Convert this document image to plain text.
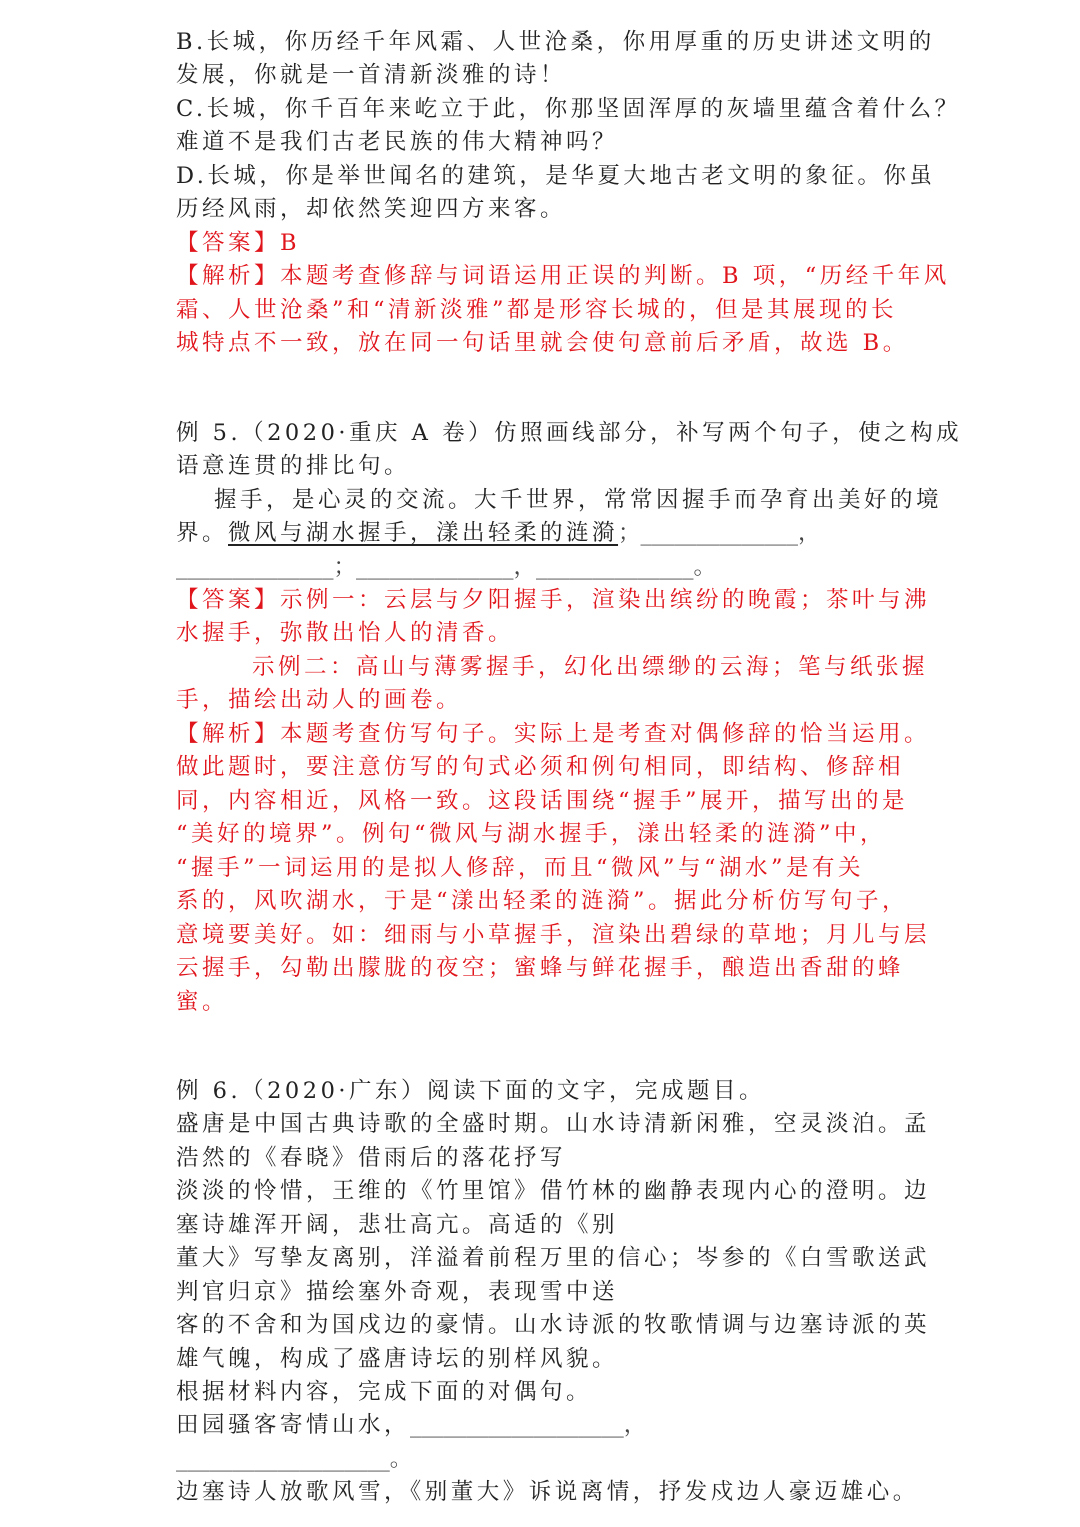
B.长城，你历经千年风霜、人世沧桑，你用厚重的历史讲述文明的
发展，你就是一首清新淡雅的诗！
C.长城，你千百年来屹立于此，你那坚固浑厚的灰墙里蕴含着什么？
难道不是我们古老民族的伟大精神吗？
D.长城，你是举世闻名的建筑，是华夏大地古老文明的象征。你虽
历经风雨，却依然笑迎四方来客。
【答案】B
【解析】本题考查修辞与词语运用正误的判断。B 项，“历经千年风
霜、人世沧桑”和“清新淡雅”都是形容长城的，但是其展现的长
城特点不一致，放在同一句话里就会使句意前后矛盾，故选 B。
例 5.（2020·重庆 A 卷）仿照画线部分，补写两个句子，使之构成
语意连贯的排比句。
握手，是心灵的交流。大千世界，常常因握手而孕育出美好的境
界。微风与湖水握手，漾出轻柔的涟漪；______________，
______________；______________，______________。
【答案】示例一：云层与夕阳握手，渲染出缤纷的晚霞；茶叶与沸
水握手，弥散出怡人的清香。
示例二：高山与薄雾握手，幻化出缥缈的云海；笔与纸张握
手，描绘出动人的画卷。
【解析】本题考查仿写句子。实际上是考查对偶修辞的恰当运用。
做此题时，要注意仿写的句式必须和例句相同，即结构、修辞相
同，内容相近，风格一致。这段话围绕“握手”展开，描写出的是
“美好的境界”。例句“微风与湖水握手，漾出轻柔的涟漪”中，
“握手”一词运用的是拟人修辞，而且“微风”与“湖水”是有关
系的，风吹湖水，于是“漾出轻柔的涟漪”。据此分析仿写句子，
意境要美好。如：细雨与小草握手，渲染出碧绿的草地；月儿与层
云握手，勾勒出朦胧的夜空；蜜蜂与鲜花握手，酿造出香甜的蜂
蜜。
例 6.（2020·广东）阅读下面的文字，完成题目。
盛唐是中国古典诗歌的全盛时期。山水诗清新闲雅，空灵淡泊。孟
浩然的《春晓》借雨后的落花抒写
淡淡的怜惜，王维的《竹里馆》借竹林的幽静表现内心的澄明。边
塞诗雄浑开阔，悲壮高亢。高适的《别
董大》写挚友离别，洋溢着前程万里的信心；岑参的《白雪歌送武
判官归京》描绘塞外奇观，表现雪中送
客的不舍和为国戍边的豪情。山水诗派的牧歌情调与边塞诗派的英
雄气魄，构成了盛唐诗坛的别样风貌。
根据材料内容，完成下面的对偶句。
田园骚客寄情山水，___________________，
___________________。
边塞诗人放歌风雪，《别董大》诉说离情，抒发戍边人豪迈雄心。
